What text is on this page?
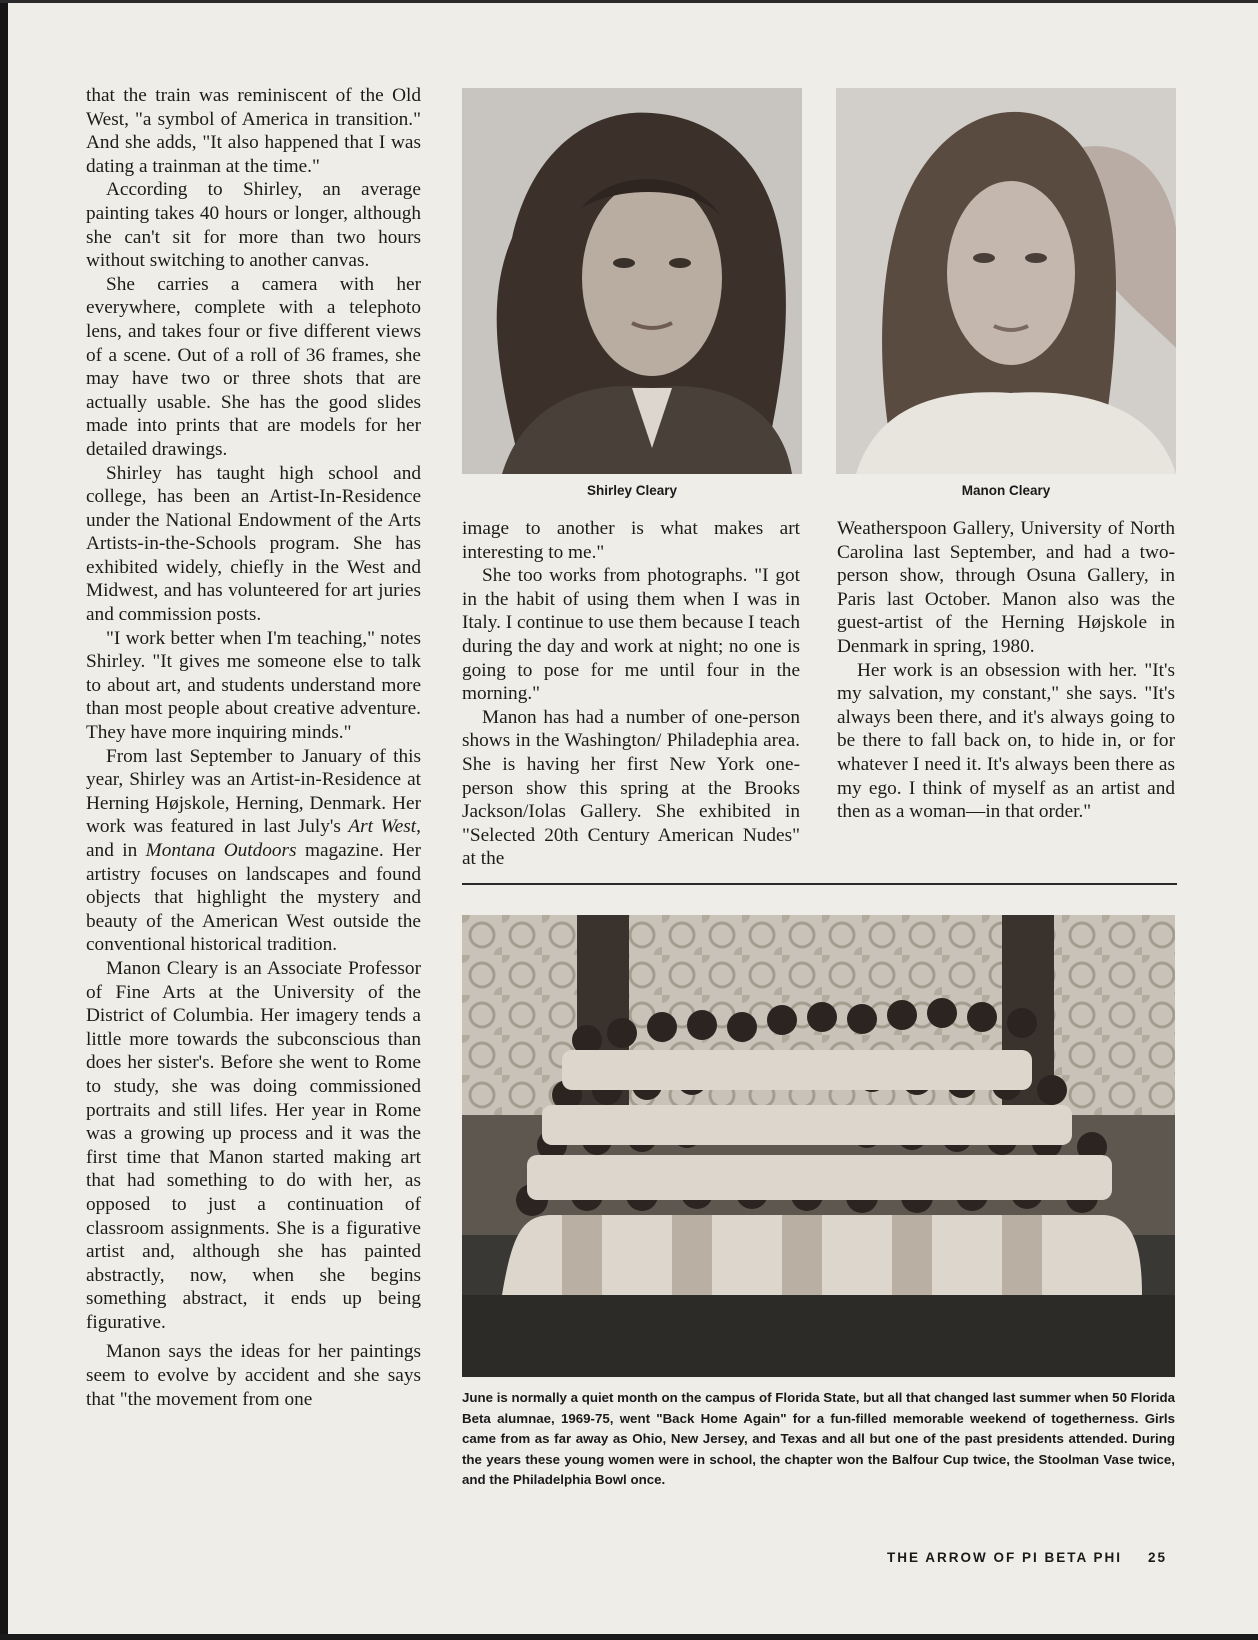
that the train was reminiscent of the Old West, "a symbol of America in transition." And she adds, "It also happened that I was dating a trainman at the time."

According to Shirley, an average painting takes 40 hours or longer, although she can't sit for more than two hours without switching to another canvas.

She carries a camera with her everywhere, complete with a telephoto lens, and takes four or five different views of a scene. Out of a roll of 36 frames, she may have two or three shots that are actually usable. She has the good slides made into prints that are models for her detailed drawings.

Shirley has taught high school and college, has been an Artist-In-Residence under the National Endowment of the Arts Artists-in-the-Schools program. She has exhibited widely, chiefly in the West and Midwest, and has volunteered for art juries and commission posts.

"I work better when I'm teaching," notes Shirley. "It gives me someone else to talk to about art, and students understand more than most people about creative adventure. They have more inquiring minds."

From last September to January of this year, Shirley was an Artist-in-Residence at Herning Højskole, Herning, Denmark. Her work was featured in last July's Art West, and in Montana Outdoors magazine. Her artistry focuses on landscapes and found objects that highlight the mystery and beauty of the American West outside the conventional historical tradition.

Manon Cleary is an Associate Professor of Fine Arts at the University of the District of Columbia. Her imagery tends a little more towards the subconscious than does her sister's. Before she went to Rome to study, she was doing commissioned portraits and still lifes. Her year in Rome was a growing up process and it was the first time that Manon started making art that had something to do with her, as opposed to just a continuation of classroom assignments. She is a figurative artist and, although she has painted abstractly, now, when she begins something abstract, it ends up being figurative.

Manon says the ideas for her paintings seem to evolve by accident and she says that "the movement from one

Shirley Cleary	Manon Cleary

image to another is what makes art interesting to me."

She too works from photographs. "I got in the habit of using them when I was in Italy. I continue to use them because I teach during the day and work at night; no one is going to pose for me until four in the morning."

Manon has had a number of one-person shows in the Washington/ Philadephia area. She is having her first New York one-person show this spring at the Brooks Jackson/Iolas Gallery. She exhibited in "Selected 20th Century American Nudes" at the

Weatherspoon Gallery, University of North Carolina last September, and had a two-person show, through Osuna Gallery, in Paris last October. Manon also was the guest-artist of the Herning Højskole in Denmark in spring, 1980.

Her work is an obsession with her. "It's my salvation, my constant," she says. "It's always been there, and it's always going to be there to fall back on, to hide in, or for whatever I need it. It's always been there as my ego. I think of myself as an artist and then as a woman—in that order."

June is normally a quiet month on the campus of Florida State, but all that changed last summer when 50 Florida Beta alumnae, 1969-75, went "Back Home Again" for a fun-filled memorable weekend of togetherness. Girls came from as far away as Ohio, New Jersey, and Texas and all but one of the past presidents attended. During the years these young women were in school, the chapter won the Balfour Cup twice, the Stoolman Vase twice, and the Philadelphia Bowl once.
THE ARROW OF PI BETA PHI 25
